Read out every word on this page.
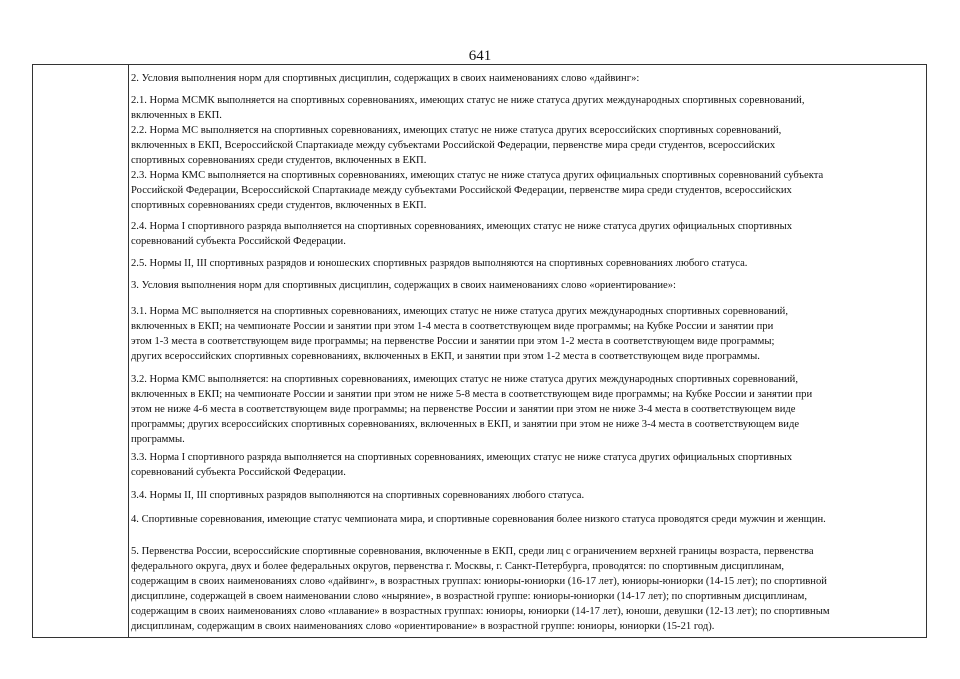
641
2. Условия выполнения норм для спортивных дисциплин, содержащих в своих наименованиях слово «дайвинг»:
2.1. Норма МСМК выполняется на спортивных соревнованиях, имеющих статус не ниже статуса других международных спортивных соревнований,
включенных в ЕКП.
2.2. Норма МС выполняется на спортивных соревнованиях, имеющих статус не ниже статуса других всероссийских спортивных соревнований,
включенных в ЕКП, Всероссийской Спартакиаде между субъектами Российской Федерации, первенстве мира среди студентов, всероссийских
спортивных соревнованиях среди студентов, включенных в ЕКП.
2.3. Норма КМС выполняется на спортивных соревнованиях, имеющих статус не ниже статуса других официальных спортивных соревнований субъекта
Российской Федерации, Всероссийской Спартакиаде между субъектами Российской Федерации, первенстве мира среди студентов, всероссийских
спортивных соревнованиях среди студентов, включенных в ЕКП.
2.4. Норма I спортивного разряда выполняется на спортивных соревнованиях, имеющих статус не ниже статуса других официальных спортивных
соревнований субъекта Российской Федерации.
2.5. Нормы II, III спортивных разрядов и юношеских спортивных разрядов выполняются на спортивных соревнованиях любого статуса.
3. Условия выполнения норм для спортивных дисциплин, содержащих в своих наименованиях слово «ориентирование»:
3.1. Норма МС выполняется на спортивных соревнованиях, имеющих статус не ниже статуса других международных спортивных соревнований,
включенных в ЕКП; на чемпионате России и занятии при этом 1-4 места в соответствующем виде программы; на Кубке России и занятии при
этом 1-3 места в соответствующем виде программы; на первенстве России и занятии при этом 1-2 места в соответствующем виде программы;
других всероссийских спортивных соревнованиях, включенных в ЕКП, и занятии при этом 1-2 места в соответствующем виде программы.
3.2. Норма КМС выполняется: на спортивных соревнованиях, имеющих статус не ниже статуса других международных спортивных соревнований,
включенных в ЕКП; на чемпионате России и занятии при этом не ниже 5-8 места в соответствующем виде программы; на Кубке России и занятии при
этом не ниже 4-6 места в соответствующем виде программы; на первенстве России и занятии при этом не ниже 3-4 места в соответствующем виде
программы; других всероссийских спортивных соревнованиях, включенных в ЕКП, и занятии при этом не ниже 3-4 места в соответствующем виде
программы.
3.3. Норма I спортивного разряда выполняется на спортивных соревнованиях, имеющих статус не ниже статуса других официальных спортивных
соревнований субъекта Российской Федерации.
3.4. Нормы II, III спортивных разрядов выполняются на спортивных соревнованиях любого статуса.
4. Спортивные соревнования, имеющие статус чемпионата мира, и спортивные соревнования более низкого статуса проводятся среди мужчин и женщин.
5. Первенства России, всероссийские спортивные соревнования, включенные в ЕКП, среди лиц с ограничением верхней границы возраста, первенства
федерального округа, двух и более федеральных округов, первенства г. Москвы, г. Санкт-Петербурга, проводятся: по спортивным дисциплинам,
содержащим в своих наименованиях слово «дайвинг», в возрастных группах: юниоры-юниорки (16-17 лет), юниоры-юниорки (14-15 лет); по спортивной
дисциплине, содержащей в своем наименовании слово «ныряние», в возрастной группе: юниоры-юниорки (14-17 лет); по спортивным дисциплинам,
содержащим в своих наименованиях слово «плавание» в возрастных группах: юниоры, юниорки (14-17 лет), юноши, девушки (12-13 лет); по спортивным
дисциплинам, содержащим в своих наименованиях слово «ориентирование» в возрастной группе: юниоры, юниорки (15-21 год).
